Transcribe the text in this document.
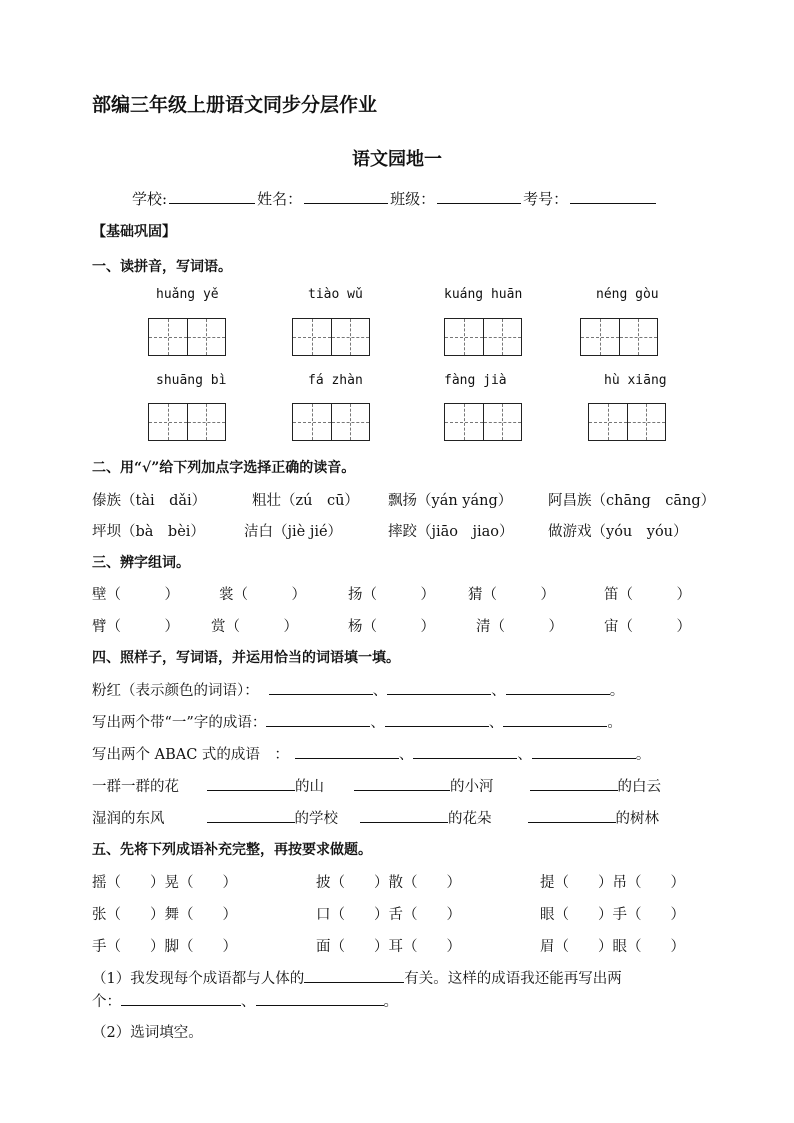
部编三年级上册语文同步分层作业
语文园地一
学校:	姓名：	班级：	考号：
【基础巩固】
一、读拼音，写词语。
huǎng yě	tiào wǔ	kuáng huān	néng gòu
shuāng bì	fá zhàn	fàng jià	hù xiāng
二、用“√”给下列加点字选择正确的读音。
傣族（tài　dǎi）	粗壮（zú　cū） 飘扬（yán yáng） 阿昌族（chāng　cāng）
坪坝（bà　bèi）	洁白（jiè jié）	摔跤（jiāo　jiao） 做游戏（yóu　yóu）
三、辨字组词。
壁（　　　）	裳（　　　）	扬（　　　） 猜（　　　）	笛（　　　）
臂（　　　） 赏（　　　）	杨（　　　）	清（　　　）	宙（　　　）
四、照样子，写词语，并运用恰当的词语填一填。
粉红（表示颜色的词语）：	、	、	。
写出两个带“一”字的成语：	、	、	。
写出两个 ABAC 式的成语　：	、	、	。
一群一群的花	的山	的小河	的白云
湿润的东风	的学校	的花朵	的树林
五、先将下列成语补充完整，再按要求做题。
摇（　　）晃（　　）	披（　　）散（　　）	提（　　）吊（　　）
张（　　）舞（　　）	口（　　）舌（　　）	眼（　　）手（　　）
手（　　）脚（　　）	面（　　）耳（　　）	眉（　　）眼（　　）
（1）我发现每个成语都与人体的	有关。这样的成语我还能再写出两
个：	、	。
（2）选词填空。
